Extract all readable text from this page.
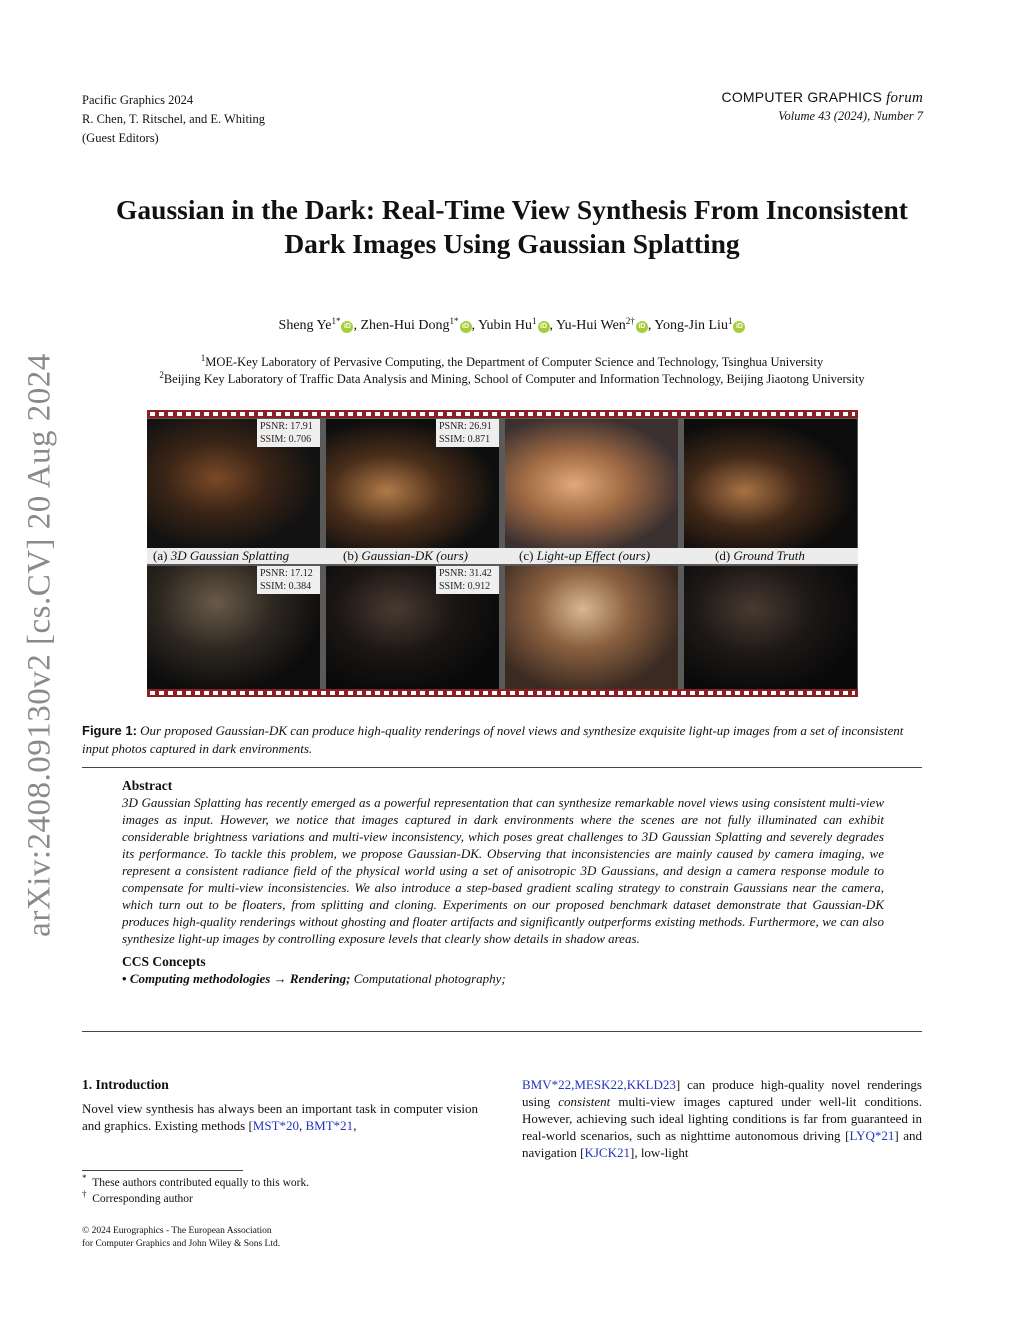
Pacific Graphics 2024
R. Chen, T. Ritschel, and E. Whiting
(Guest Editors)
COMPUTER GRAPHICS forum
Volume 43 (2024), Number 7
arXiv:2408.09130v2 [cs.CV] 20 Aug 2024
Gaussian in the Dark: Real-Time View Synthesis From Inconsistent
Dark Images Using Gaussian Splatting
Sheng $Ye^{1*}iD$ , Zhen-Hui Dong$^{1*}$iD , Yubin Hu$^1$iD , Yu-Hui Wen$^{2\dagger}$iD , Yong-Jin Liu$^1$iD
$^1$MOE-Key Laboratory of Pervasive Computing, the Department of Computer Science and Technology, Tsinghua University
$^2$Beijing Key Laboratory of Traffic Data Analysis and Mining, School of Computer and Information Technology, Beijing Jiaotong University
PSNR: 17.91
SSIM: 0.706
PSNR: 26.91
SSIM: 0.871
(a) 3D Gaussian Splatting	(b) Gaussian-DK (ours)	(c) Light-up Effect (ours)	(d) Ground Truth
PSNR: 17.12
SSIM: 0.384
PSNR: 31.42
SSIM: 0.912
Figure 1: Our proposed Gaussian-DK can produce high-quality renderings of novel views and synthesize exquisite light-up images from a set of inconsistent input photos captured in dark environments.
Abstract

3D Gaussian Splatting has recently emerged as a powerful representation that can synthesize remarkable novel views using consistent multi-view images as input. However, we notice that images captured in dark environments where the scenes are not fully illuminated can exhibit considerable brightness variations and multi-view inconsistency, which poses great challenges to 3D Gaussian Splatting and severely degrades its performance. To tackle this problem, we propose Gaussian-DK. Observing that inconsistencies are mainly caused by camera imaging, we represent a consistent radiance field of the physical world using a set of anisotropic 3D Gaussians, and design a camera response module to compensate for multi-view inconsistencies. We also introduce a step-based gradient scaling strategy to constrain Gaussians near the camera, which turn out to be floaters, from splitting and cloning. Experiments on our proposed benchmark dataset demonstrate that Gaussian-DK produces high-quality renderings without ghosting and floater artifacts and significantly outperforms existing methods. Furthermore, we can also synthesize light-up images by controlling exposure levels that clearly show details in shadow areas.

CCS Concepts
• Computing methodologies → Rendering; Computational photography;
1. Introduction
Novel view synthesis has always been an important task in computer vision and graphics. Existing methods [MST*20, BMT*21,
BMV*22,MESK22,KKLD23] can produce high-quality novel renderings using consistent multi-view images captured under well-lit conditions. However, achieving such ideal lighting conditions is far from guaranteed in real-world scenarios, such as nighttime autonomous driving [LYQ*21] and navigation [KJCK21], low-light
* These authors contributed equally to this work.
† Corresponding author
© 2024 Eurographics - The European Association
for Computer Graphics and John Wiley & Sons Ltd.
